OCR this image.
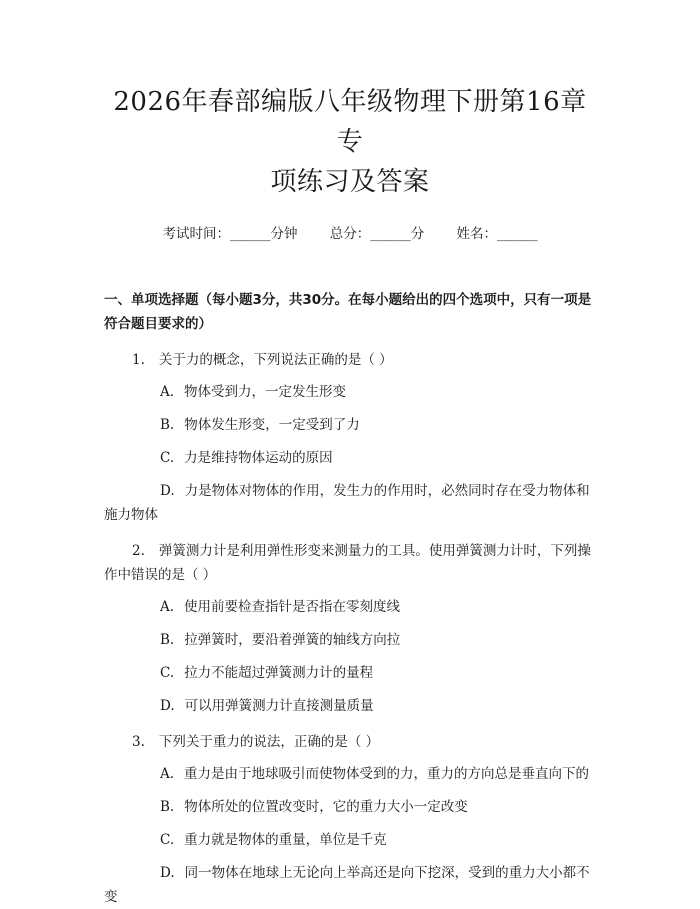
2026年春部编版八年级物理下册第16章专
项练习及答案
考试时间：______分钟 总分：______分 姓名：______
一、单项选择题（每小题3分，共30分。在每小题给出的四个选项中，只有一项是符合题目要求的）
1. 关于力的概念，下列说法正确的是（ ）
A. 物体受到力，一定发生形变
B. 物体发生形变，一定受到了力
C. 力是维持物体运动的原因
D. 力是物体对物体的作用，发生力的作用时，必然同时存在受力物体和施力物体
2. 弹簧测力计是利用弹性形变来测量力的工具。使用弹簧测力计时，下列操作中错误的是（ ）
A. 使用前要检查指针是否指在零刻度线
B. 拉弹簧时，要沿着弹簧的轴线方向拉
C. 拉力不能超过弹簧测力计的量程
D. 可以用弹簧测力计直接测量质量
3. 下列关于重力的说法，正确的是（ ）
A. 重力是由于地球吸引而使物体受到的力，重力的方向总是垂直向下的
B. 物体所处的位置改变时，它的重力大小一定改变
C. 重力就是物体的重量，单位是千克
D. 同一物体在地球上无论向上举高还是向下挖深，受到的重力大小都不变
